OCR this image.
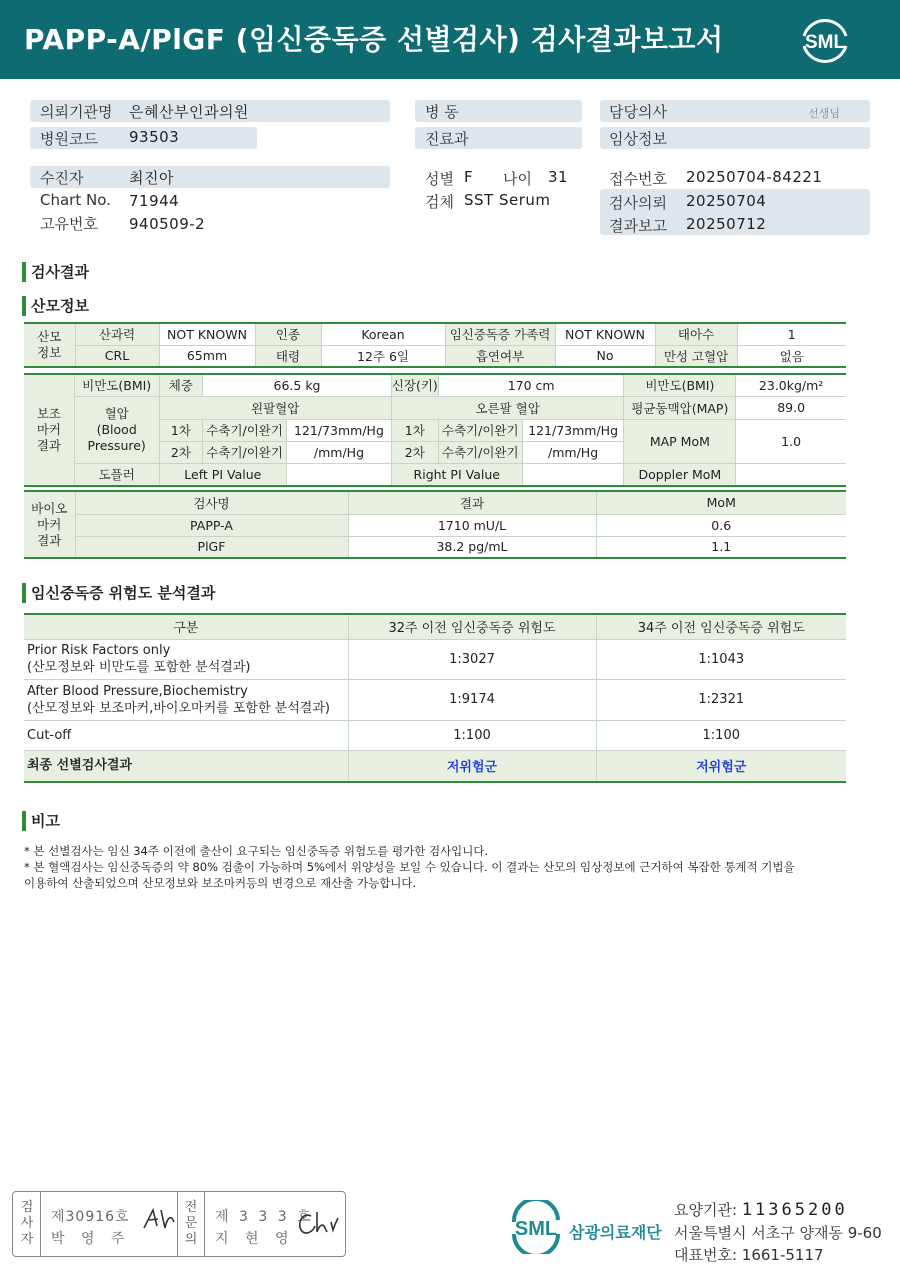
PAPP-A/PlGF (임신중독증 선별검사) 검사결과보고서	SML
의뢰기관명 은혜산부인과의원
병원코드 93503
병 동
진료과
담당의사	선생님
임상정보
수진자	최진아
Chart No. 71944
고유번호 940509-2
성별 F 나이 31
검체 SST Serum
접수번호 20250704-84221
검사의뢰 20250704
결과보고 20250712
검사결과
산모정보
산모
정보	산과력	NOT KNOWN	인종	Korean	임신중독증 가족력	NOT KNOWN	태아수	1
	CRL	65mm	태령	12주 6일	흡연여부	No	만성 고혈압	없음
보조
마커
결과	비만도(BMI)	체중	66.5 kg		신장(키)	170 cm		비만도(BMI)	23.0kg/m²
	혈압
(Blood
Pressure)	왼팔혈압			오른팔 혈압			평균동맥압(MAP)	89.0
		1차	수축기/이완기	121/73mm/Hg	1차	수축기/이완기	121/73mm/Hg	MAP MoM	1.0
		2차	수축기/이완기	/mm/Hg	2차	수축기/이완기	/mm/Hg		
	도플러	Left PI Value			Right PI Value			Doppler MoM	
바이오
마커
결과	검사명	결과	MoM
	PAPP-A	1710 mU/L	0.6
	PlGF	38.2 pg/mL	1.1
임신중독증 위험도 분석결과
구분	32주 이전 임신중독증 위험도	34주 이전 임신중독증 위험도

Prior Risk Factors only
(산모정보와 비만도를 포함한 분석결과)	1:3027	1:1043

After Blood Pressure,Biochemistry
(산모정보와 보조마커,바이오마커를 포함한 분석결과)	1:9174	1:2321
Cut-off	1:100	1:100
최종 선별검사결과	저위험군	저위험군
비고
* 본 선별검사는 임신 34주 이전에 출산이 요구되는 임신중독증 위험도를 평가한 검사입니다.
* 본 혈액검사는 임신중독증의 약 80% 검출이 가능하며 5%에서 위양성을 보일 수 있습니다. 이 결과는 산모의 임상정보에 근거하여 복잡한 통계적 기법을
이용하여 산출되었으며 산모정보와 보조마커등의 변경으로 재산출 가능합니다.
검
사
자
제30916호
박 영 주
전
문
의
제 3 3 3 호
지 현 영	SML 삼광의료재단
요양기관: 11365200
서울특별시 서초구 양재동 9-60
대표번호: 1661-5117
